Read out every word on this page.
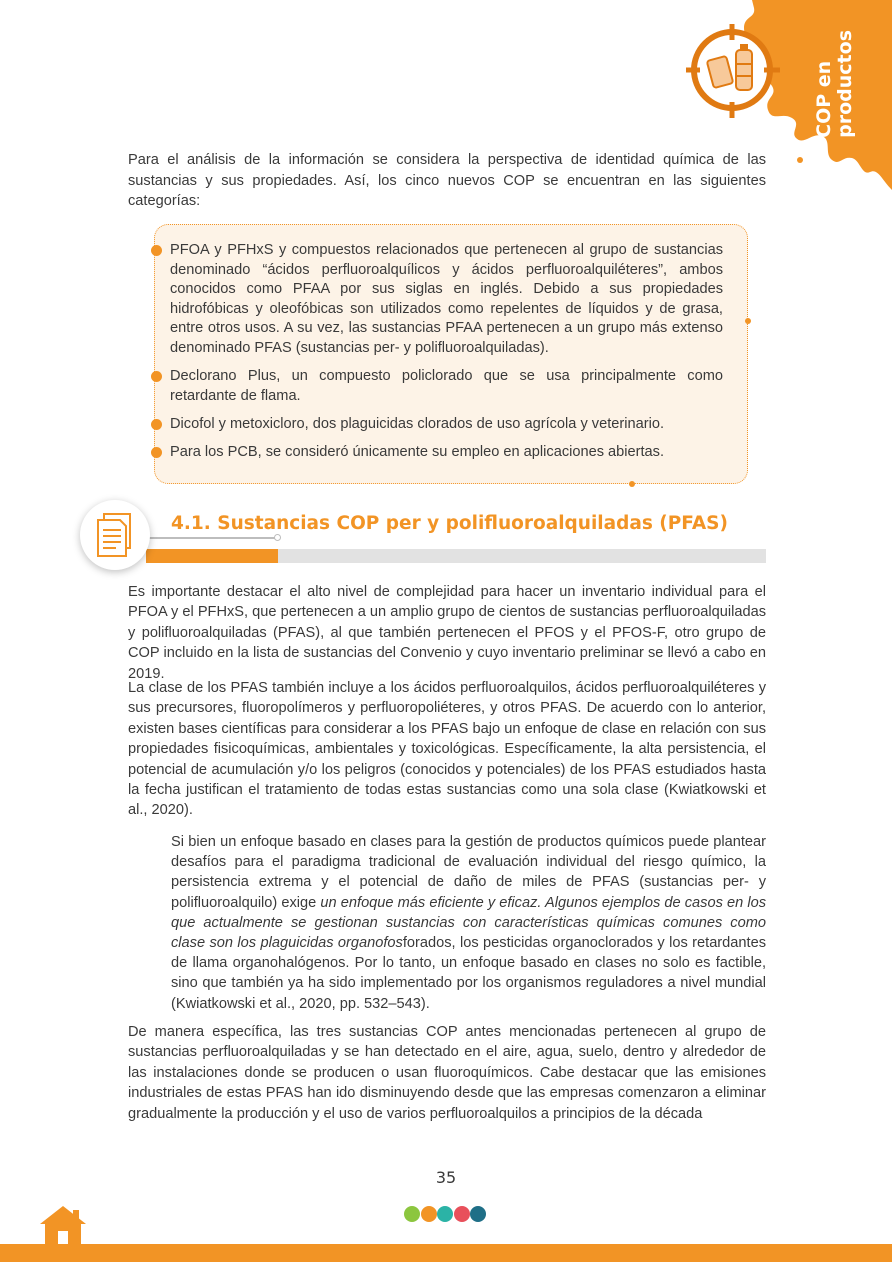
COP en
productos

Para el análisis de la información se considera la perspectiva de identidad química de las sustancias y sus propiedades. Así, los cinco nuevos COP se encuentran en las siguientes categorías:

PFOA y PFHxS y compuestos relacionados que pertenecen al grupo de sustancias denominado “ácidos perfluoroalquílicos y ácidos perfluoroalquiléteres”, ambos conocidos como PFAA por sus siglas en inglés. Debido a sus propiedades hidrofóbicas y oleofóbicas son utilizados como repelentes de líquidos y de grasa, entre otros usos. A su vez, las sustancias PFAA pertenecen a un grupo más extenso denominado PFAS (sustancias per- y polifluoroalquiladas).
Declorano Plus, un compuesto policlorado que se usa principalmente como retardante de flama.
Dicofol y metoxicloro, dos plaguicidas clorados de uso agrícola y veterinario.
Para los PCB, se consideró únicamente su empleo en aplicaciones abiertas.
4.1. Sustancias COP per y polifluoroalquiladas (PFAS)

Es importante destacar el alto nivel de complejidad para hacer un inventario individual para el PFOA y el PFHxS, que pertenecen a un amplio grupo de cientos de sustancias perfluoroalquiladas y polifluoroalquiladas (PFAS), al que también pertenecen el PFOS y el PFOS-F, otro grupo de COP incluido en la lista de sustancias del Convenio y cuyo inventario preliminar se llevó a cabo en 2019.

La clase de los PFAS también incluye a los ácidos perfluoroalquilos, ácidos perfluoroalquiléteres y sus precursores, fluoropolímeros y perfluoropoliéteres, y otros PFAS. De acuerdo con lo anterior, existen bases científicas para considerar a los PFAS bajo un enfoque de clase en relación con sus propiedades fisicoquímicas, ambientales y toxicológicas. Específicamente, la alta persistencia, el potencial de acumulación y/o los peligros (conocidos y potenciales) de los PFAS estudiados hasta la fecha justifican el tratamiento de todas estas sustancias como una sola clase (Kwiatkowski et al., 2020).

Si bien un enfoque basado en clases para la gestión de productos químicos puede plantear desafíos para el paradigma tradicional de evaluación individual del riesgo químico, la persistencia extrema y el potencial de daño de miles de PFAS (sustancias per- y polifluoroalquilo) exige un enfoque más eficiente y eficaz. Algunos ejemplos de casos en los que actualmente se gestionan sustancias con características químicas comunes como clase son los plaguicidas organofosforados, los pesticidas organoclorados y los retardantes de llama organohalógenos. Por lo tanto, un enfoque basado en clases no solo es factible, sino que también ya ha sido implementado por los organismos reguladores a nivel mundial (Kwiatkowski et al., 2020, pp. 532–543).

De manera específica, las tres sustancias COP antes mencionadas pertenecen al grupo de sustancias perfluoroalquiladas y se han detectado en el aire, agua, suelo, dentro y alrededor de las instalaciones donde se producen o usan fluoroquímicos. Cabe destacar que las emisiones industriales de estas PFAS han ido disminuyendo desde que las empresas comenzaron a eliminar gradualmente la producción y el uso de varios perfluoroalquilos a principios de la década

35
